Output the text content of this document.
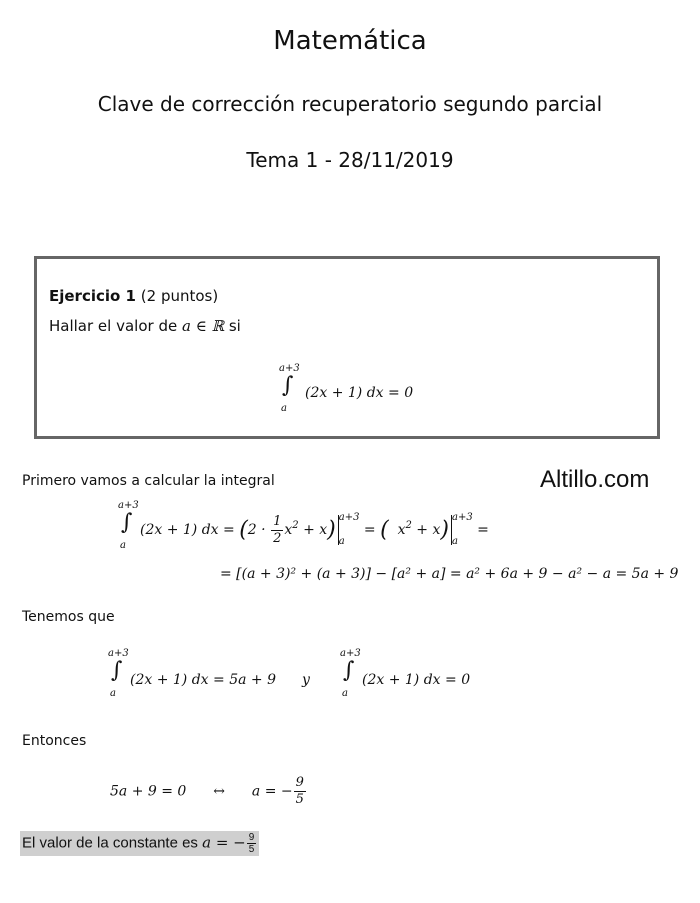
Matemática
Clave de corrección recuperatorio segundo parcial
Tema 1 - 28/11/2019
Ejercicio 1 (2 puntos)
Hallar el valor de a ∈ ℝ si
a+3
∫
a
(2x + 1) dx = 0
Altillo.com
Primero vamos a calcular la integral
a+3
∫
a
(2x + 1) dx = $(2 \cdot \frac{1}{2} x^2 + x)$ a+3

a = (  $x^2 + x$) a+3

a =
= [(a + 3)² + (a + 3)] − [a² + a] = a² + 6a + 9 − a² − a = 5a + 9
Tenemos que
a+3
∫
a
(2x + 1) dx = 5a + 9 y
a+3
∫
a
(2x + 1) dx = 0
Entonces
5a + 9 = 0 ↔ a = − $\frac{9}{5}$
El valor de la constante es a = − $\frac{9}{5}$
